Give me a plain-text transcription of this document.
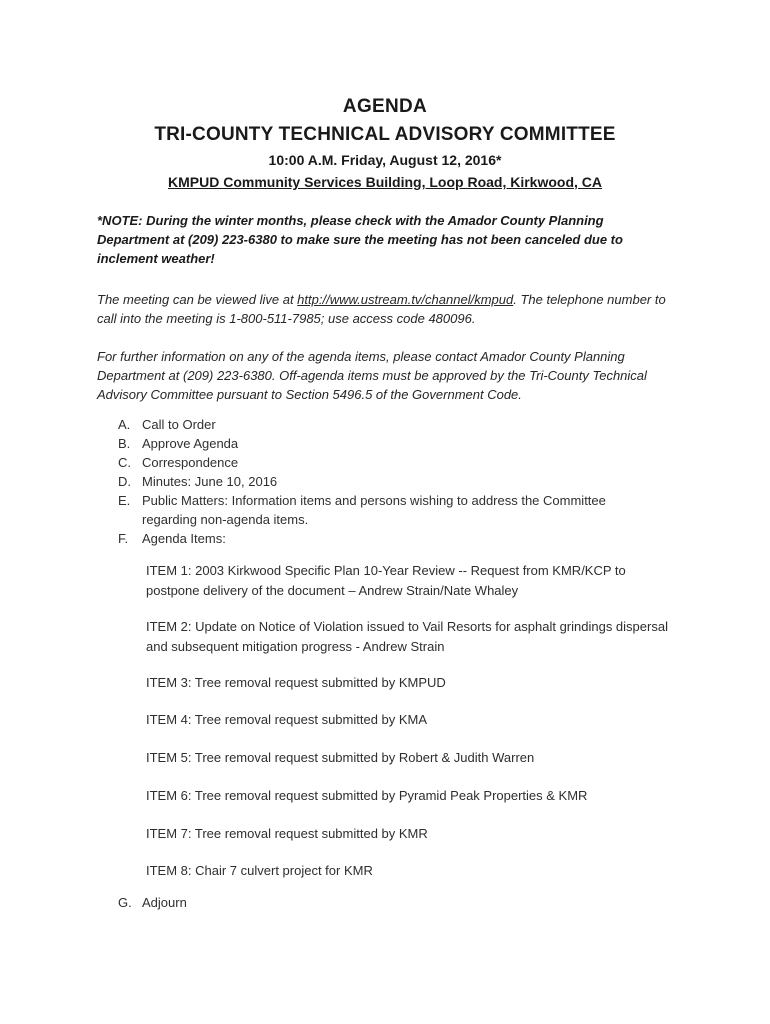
AGENDA
TRI-COUNTY TECHNICAL ADVISORY COMMITTEE
10:00 A.M. Friday, August 12, 2016*
KMPUD Community Services Building, Loop Road, Kirkwood, CA
*NOTE: During the winter months, please check with the Amador County Planning Department at (209) 223-6380 to make sure the meeting has not been canceled due to inclement weather!
The meeting can be viewed live at http://www.ustream.tv/channel/kmpud. The telephone number to call into the meeting is 1-800-511-7985; use access code 480096.
For further information on any of the agenda items, please contact Amador County Planning Department at (209) 223-6380. Off-agenda items must be approved by the Tri-County Technical Advisory Committee pursuant to Section 5496.5 of the Government Code.
A. Call to Order
B. Approve Agenda
C. Correspondence
D. Minutes: June 10, 2016
E. Public Matters: Information items and persons wishing to address the Committee regarding non-agenda items.
F.	Agenda Items:
ITEM 1: 2003 Kirkwood Specific Plan 10-Year Review -- Request from KMR/KCP to postpone delivery of the document – Andrew Strain/Nate Whaley
ITEM 2: Update on Notice of Violation issued to Vail Resorts for asphalt grindings dispersal and subsequent mitigation progress - Andrew Strain
ITEM 3: Tree removal request submitted by KMPUD
ITEM 4: Tree removal request submitted by KMA
ITEM 5: Tree removal request submitted by Robert & Judith Warren
ITEM 6: Tree removal request submitted by Pyramid Peak Properties & KMR
ITEM 7: Tree removal request submitted by KMR
ITEM 8: Chair 7 culvert project for KMR
G. Adjourn
